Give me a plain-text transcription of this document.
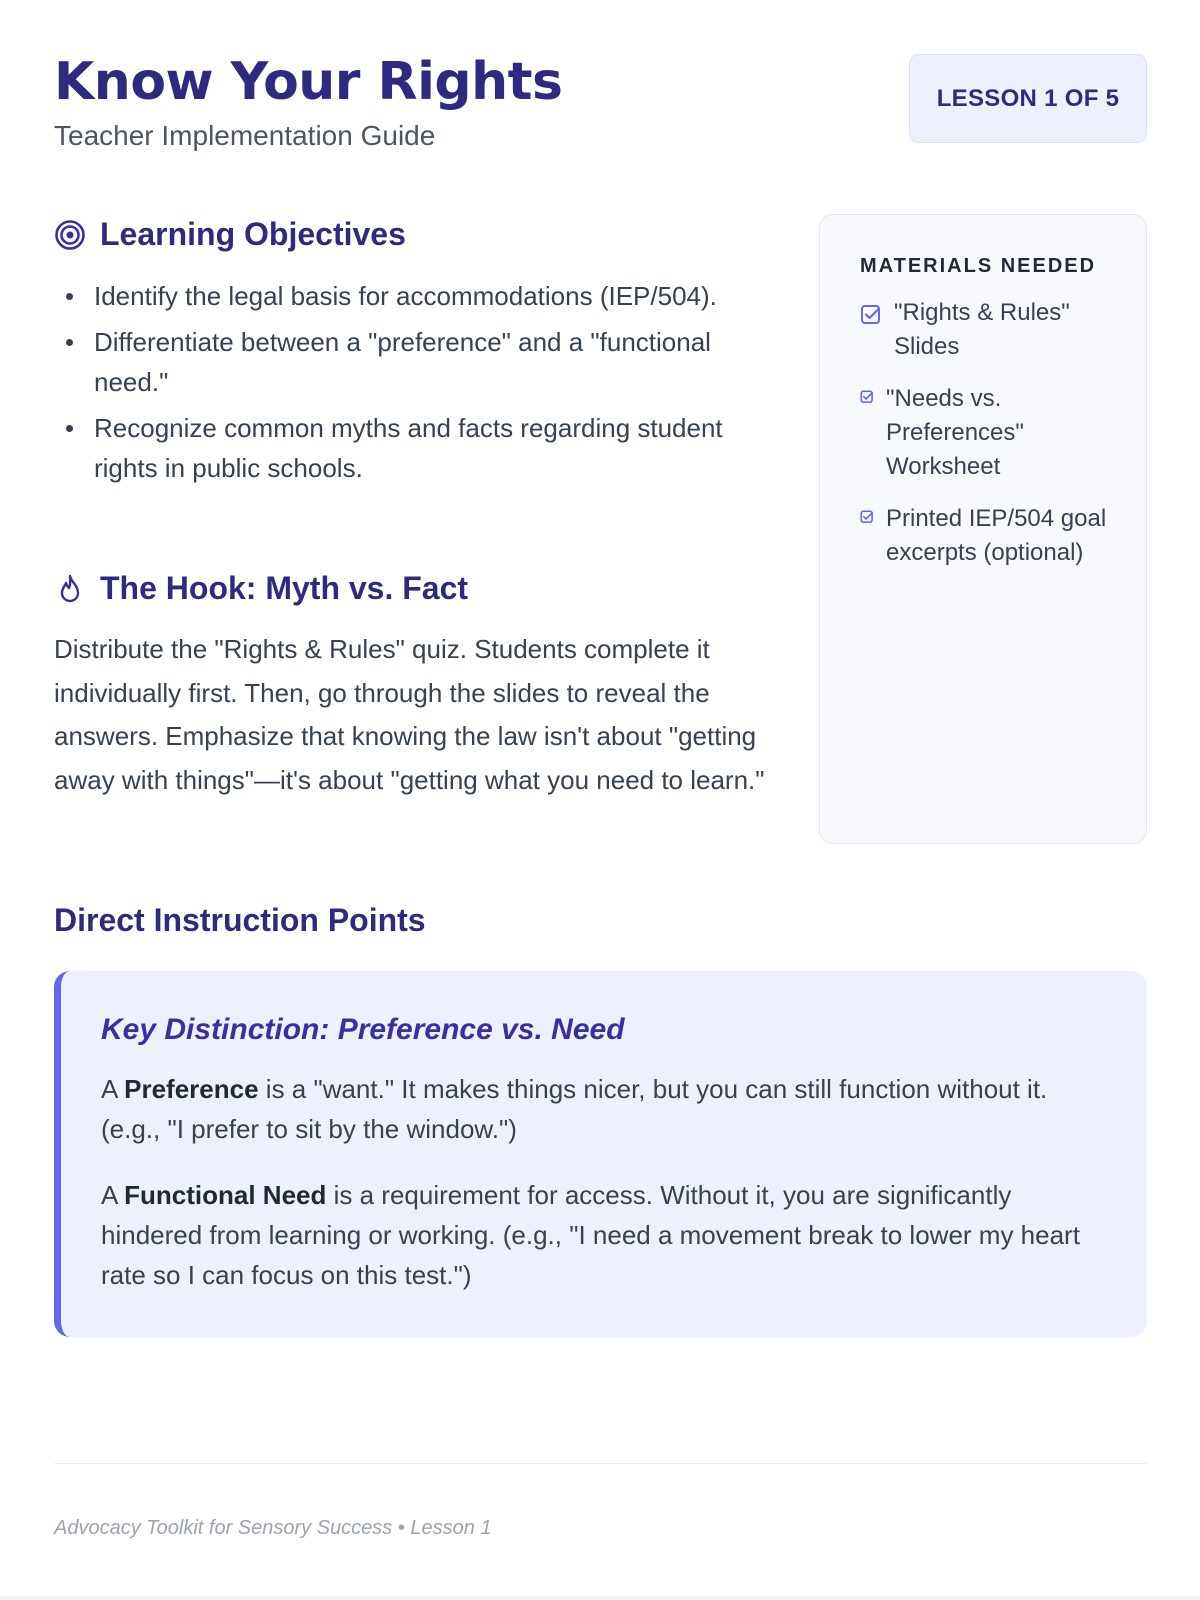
Know Your Rights
Teacher Implementation Guide
LESSON 1 OF 5
Learning Objectives
Identify the legal basis for accommodations (IEP/504).
Differentiate between a "preference" and a "functional need."
Recognize common myths and facts regarding student rights in public schools.
The Hook: Myth vs. Fact

Distribute the "Rights & Rules" quiz. Students complete it individually first. Then, go through the slides to reveal the answers. Emphasize that knowing the law isn't about "getting away with things"—it's about "getting what you need to learn."

MATERIALS NEEDED
"Rights & Rules" Slides
"Needs vs. Preferences" Worksheet
Printed IEP/504 goal excerpts (optional)
Direct Instruction Points
Key Distinction: Preference vs. Need

A Preference is a "want." It makes things nicer, but you can still function without it. (e.g., "I prefer to sit by the window.")

A Functional Need is a requirement for access. Without it, you are significantly hindered from learning or working. (e.g., "I need a movement break to lower my heart rate so I can focus on this test.")

Advocacy Toolkit for Sensory Success • Lesson 1
